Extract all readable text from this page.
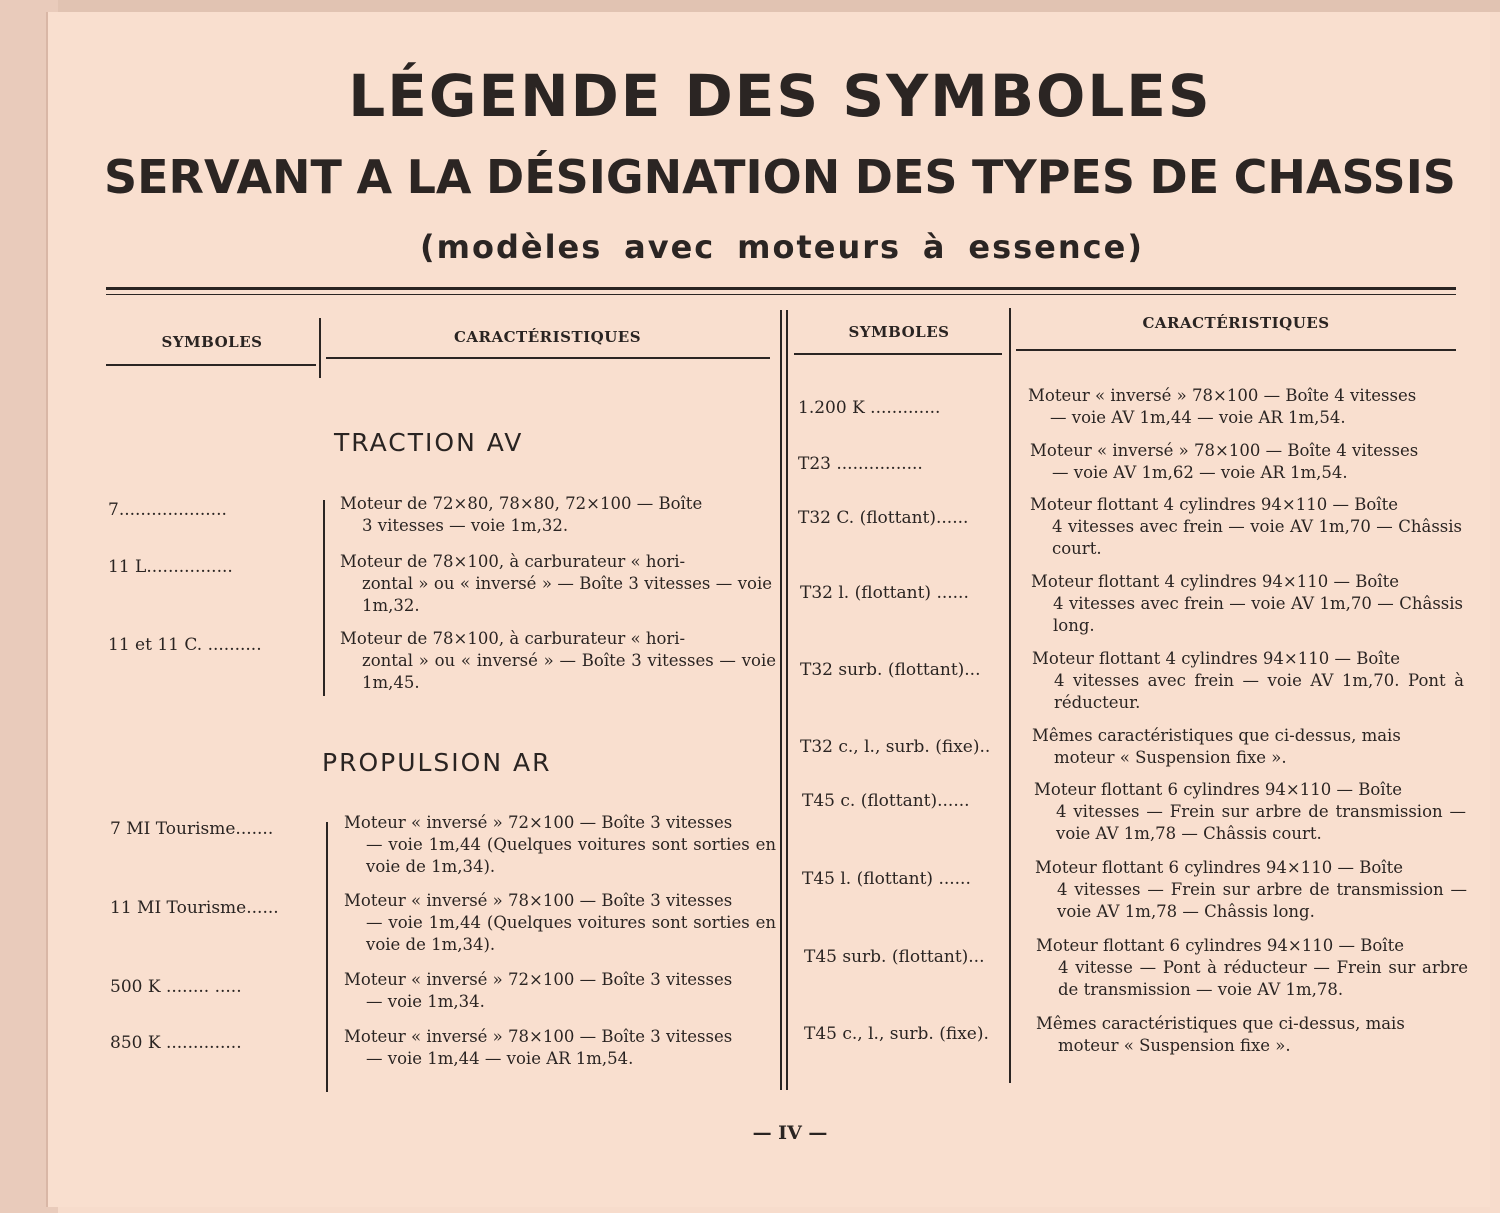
LÉGENDE DES SYMBOLES
SERVANT A LA DÉSIGNATION DES TYPES DE CHASSIS
(modèles avec moteurs à essence)
SYMBOLES	CARACTÉRISTIQUES	SYMBOLES	CARACTÉRISTIQUES
TRACTION AV
PROPULSION AR
7....................	Moteur de 72×80, 78×80, 72×100 — Boîte
3 vitesses — voie 1m,32.
11 L................	Moteur de 78×100, à carburateur « hori-
zontal » ou « inversé » — Boîte 3 vitesses — voie 1m,32.
11 et 11 C. ..........	Moteur de 78×100, à carburateur « hori-
zontal » ou « inversé » — Boîte 3 vitesses — voie 1m,45.
7 MI Tourisme.......	Moteur « inversé » 72×100 — Boîte 3 vitesses
— voie 1m,44 (Quelques voitures sont sorties en voie de 1m,34).
11 MI Tourisme......	Moteur « inversé » 78×100 — Boîte 3 vitesses
— voie 1m,44 (Quelques voitures sont sorties en voie de 1m,34).
500 K ........ .....	Moteur « inversé » 72×100 — Boîte 3 vitesses
— voie 1m,34.
850 K ..............	Moteur « inversé » 78×100 — Boîte 3 vitesses
— voie 1m,44 — voie AR 1m,54.
1.200 K .............
Moteur « inversé » 78×100 — Boîte 4 vitesses
— voie AV 1m,44 — voie AR 1m,54.
T23 ................
Moteur « inversé » 78×100 — Boîte 4 vitesses
— voie AV 1m,62 — voie AR 1m,54.
T32 C. (flottant)......
Moteur flottant 4 cylindres 94×110 — Boîte
4 vitesses avec frein — voie AV 1m,70 — Châssis court.
T32 l. (flottant) ......
Moteur flottant 4 cylindres 94×110 — Boîte
4 vitesses avec frein — voie AV 1m,70 — Châssis long.
T32 surb. (flottant)...
Moteur flottant 4 cylindres 94×110 — Boîte
4 vitesses avec frein — voie AV 1m,70. Pont à réducteur.
T32 c., l., surb. (fixe)..
Mêmes caractéristiques que ci-dessus, mais
moteur « Suspension fixe ».
T45 c. (flottant)......
Moteur flottant 6 cylindres 94×110 — Boîte
4 vitesses — Frein sur arbre de transmission — voie AV 1m,78 — Châssis court.
T45 l. (flottant) ......
Moteur flottant 6 cylindres 94×110 — Boîte
4 vitesses — Frein sur arbre de transmission — voie AV 1m,78 — Châssis long.
T45 surb. (flottant)...
Moteur flottant 6 cylindres 94×110 — Boîte
4 vitesse — Pont à réducteur — Frein sur arbre de transmission — voie AV 1m,78.
T45 c., l., surb. (fixe).
Mêmes caractéristiques que ci-dessus, mais
moteur « Suspension fixe ».
— IV —
